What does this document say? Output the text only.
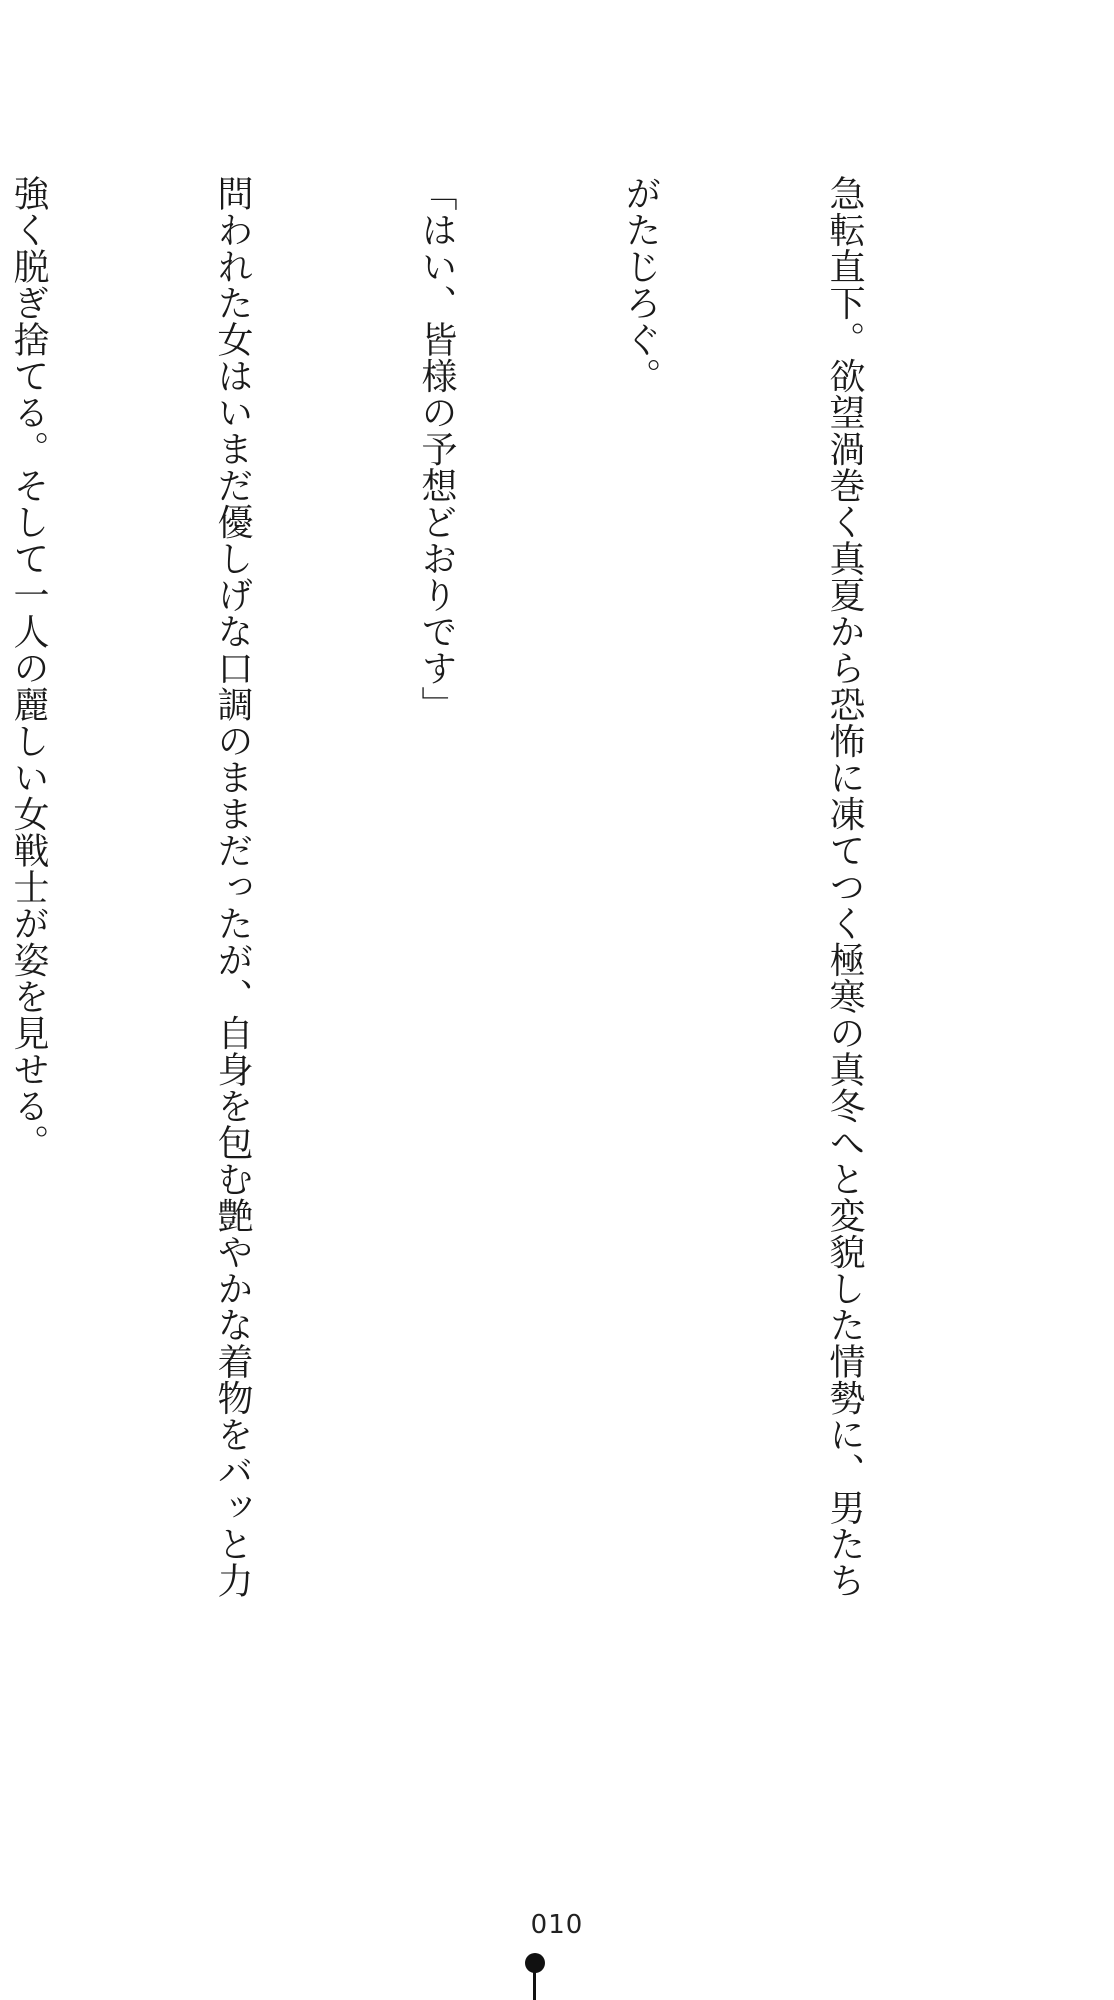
急転直下。欲望渦巻く真夏から恐怖に凍てつく極寒の真冬へと変貌した情勢に、男たち

がたじろぐ。

「はい、皆様の予想どおりです」

問われた女はいまだ優しげな口調のままだったが、自身を包む艶やかな着物をバッと力

強く脱ぎ捨てる。そして一人の麗しい女戦士が姿を見せる。

010
